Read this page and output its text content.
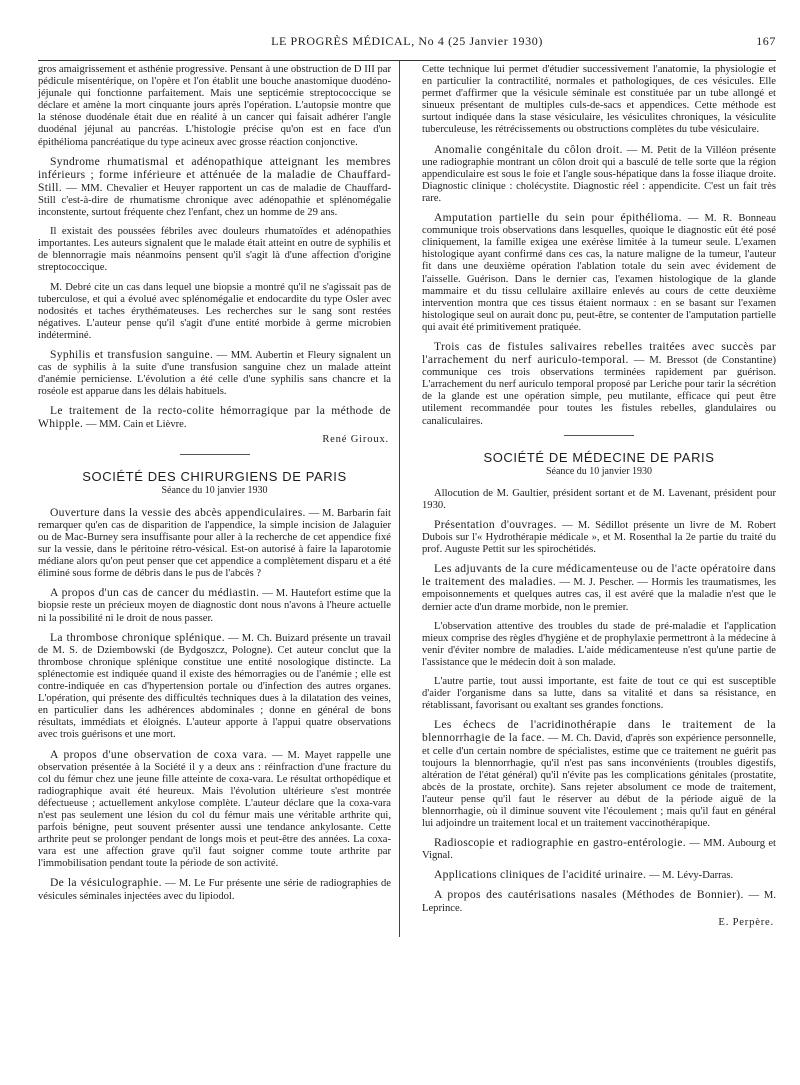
LE PROGRÈS MÉDICAL, No 4 (25 Janvier 1930)	167

gros amaigrissement et asthénie progressive. Pensant à une obstruction de D III par pédicule misentérique, on l'opère et l'on établit une bouche anastomique duodéno-jéjunale qui fonctionne parfaitement. Mais une septicémie streptococcique se déclare et amène la mort cinquante jours après l'opération. L'autopsie montre que la sténose duodénale était due en réalité à un cancer qui faisait adhérer l'angle duodénal jéjunal au pancréas. L'histologie précise qu'on est en face d'un épithélioma pancréatique du type acineux avec grosse réaction conjonctive.

Syndrome rhumatismal et adénopathique atteignant les membres inférieurs ; forme inférieure et atténuée de la maladie de Chauffard-Still. — MM. Chevalier et Heuyer rapportent un cas de maladie de Chauffard-Still c'est-à-dire de rhumatisme chronique avec adénopathie et splénomégalie inconstente, surtout fréquente chez l'enfant, chez un homme de 29 ans.

Il existait des poussées fébriles avec douleurs rhumatoïdes et adénopathies importantes. Les auteurs signalent que le malade était atteint en outre de syphilis et de blennorragie mais néanmoins pensent qu'il s'agit là d'une affection d'origine streptococcique.

M. Debré cite un cas dans lequel une biopsie a montré qu'il ne s'agissait pas de tuberculose, et qui a évolué avec splénomégalie et endocardite du type Osler avec nodosités et taches érythémateuses. Les recherches sur le sang sont restées négatives. L'auteur pense qu'il s'agit d'une entité morbide à germe microbien indéterminé.

Syphilis et transfusion sanguine. — MM. Aubertin et Fleury signalent un cas de syphilis à la suite d'une transfusion sanguine chez un malade atteint d'anémie perniciense. L'évolution a été celle d'une syphilis sans chancre et la roséole est apparue dans les délais habituels.

Le traitement de la recto-colite hémorragique par la méthode de Whipple. — MM. Cain et Lièvre.

René Giroux.

SOCIÉTÉ DES CHIRURGIENS DE PARIS
Séance du 10 janvier 1930

Ouverture dans la vessie des abcès appendiculaires. — M. Barbarin fait remarquer qu'en cas de disparition de l'appendice, la simple incision de Jalaguier ou de Mac-Burney sera insuffisante pour aller à la recherche de cet appendice fixé sur la vessie, dans le péritoine rétro-vésical. Est-on autorisé à faire la laparotomie médiane alors qu'on peut penser que cet appendice a complètement disparu et a été éliminé sous forme de débris dans le pus de l'abcès ?

A propos d'un cas de cancer du médiastin. — M. Hautefort estime que la biopsie reste un précieux moyen de diagnostic dont nous n'avons à l'heure actuelle ni la possibilité ni le droit de nous passer.

La thrombose chronique splénique. — M. Ch. Buizard présente un travail de M. S. de Dziembowski (de Bydgoszcz, Pologne). Cet auteur conclut que la thrombose chronique splénique constitue une entité nosologique distincte. La splénectomie est indiquée quand il existe des hémorragies ou de l'anémie ; elle est contre-indiquée en cas d'hypertension portale ou d'infection des autres organes. L'opération, qui présente des difficultés techniques dues à la dilatation des veines, en particulier dans les adhérences abdominales ; donne en général de bons résultats, immédiats et éloignés. L'auteur apporte à l'appui quatre observations avec trois guérisons et une mort.

A propos d'une observation de coxa vara. — M. Mayet rappelle une observation présentée à la Société il y a deux ans : réinfraction d'une fracture du col du fémur chez une jeune fille atteinte de coxa-vara. Le résultat orthopédique et radiographique avait été heureux. Mais l'évolution ultérieure s'est montrée défectueuse ; actuellement ankylose complète. L'auteur déclare que la coxa-vara n'est pas seulement une lésion du col du fémur mais une véritable arthrite qui, parfois bénigne, peut souvent présenter aussi une tendance ankylosante. Cette arthrite peut se prolonger pendant de longs mois et peut-être des années. La coxa-vara est une affection grave qu'il faut soigner comme toute arthrite par l'immobilisation pendant toute la période de son activité.

De la vésiculographie. — M. Le Fur présente une série de radiographies de vésicules séminales injectées avec du lipiodol.

Cette technique lui permet d'étudier successivement l'anatomie, la physiologie et en particulier la contractilité, normales et pathologiques, de ces vésicules. Elle permet d'affirmer que la vésicule séminale est constituée par un tube allongé et sinueux présentant de multiples culs-de-sacs et appendices. Cette méthode est surtout indiquée dans la stase vésiculaire, les vésiculites chroniques, la vésiculite tuberculeuse, les rétrécissements ou obstructions complètes du tube vésiculaire.

Anomalie congénitale du côlon droit. — M. Petit de la Villéon présente une radiographie montrant un côlon droit qui a basculé de telle sorte que la région appendiculaire est sous le foie et l'angle sous-hépatique dans la fosse iliaque droite. Diagnostic clinique : cholécystite. Diagnostic réel : appendicite. C'est un fait très rare.

Amputation partielle du sein pour épithélioma. — M. R. Bonneau communique trois observations dans lesquelles, quoique le diagnostic eût été posé cliniquement, la famille exigea une exérèse limitée à la tumeur seule. L'examen histologique ayant confirmé dans ces cas, la nature maligne de la tumeur, l'auteur fit dans une deuxième opération l'ablation totale du sein avec évidement de l'aisselle. Guérison. Dans le dernier cas, l'examen histologique de la glande mammaire et du tissu cellulaire axillaire enlevés au cours de cette deuxième intervention montra que ces tissus étaient normaux : en se basant sur l'examen histologique seul on aurait donc pu, peut-être, se contenter de l'amputation partielle qui avait été primitivement pratiquée.

Trois cas de fistules salivaires rebelles traitées avec succès par l'arrachement du nerf auriculo-temporal. — M. Bressot (de Constantine) communique ces trois observations terminées rapidement par guérison. L'arrachement du nerf auriculo temporal proposé par Leriche pour tarir la sécrétion de la glande est une opération simple, peu mutilante, efficace qui peut être utilement recommandée pour toutes les fistules rebelles, glandulaires ou canaliculaires.

SOCIÉTÉ DE MÉDECINE DE PARIS
Séance du 10 janvier 1930

Allocution de M. Gaultier, président sortant et de M. Lavenant, président pour 1930.

Présentation d'ouvrages. — M. Sédillot présente un livre de M. Robert Dubois sur l'« Hydrothérapie médicale », et M. Rosenthal la 2e partie du traité du prof. Auguste Pettit sur les spirochétidés.

Les adjuvants de la cure médicamenteuse ou de l'acte opératoire dans le traitement des maladies. — M. J. Pescher. — Hormis les traumatismes, les empoisonnements et quelques autres cas, il est avéré que la maladie n'est que le dernier acte d'un drame morbide, non le premier.

L'observation attentive des troubles du stade de pré-maladie et l'application mieux comprise des règles d'hygiène et de prophylaxie permettront à la médecine à venir d'éviter nombre de maladies. L'aide médicamenteuse n'est qu'une partie de l'assistance que le médecin doit à son malade.

L'autre partie, tout aussi importante, est faite de tout ce qui est susceptible d'aider l'organisme dans sa lutte, dans sa vitalité et dans sa résistance, en rétablissant, favorisant ou exaltant ses grandes fonctions.

Les échecs de l'acridinothérapie dans le traitement de la blennorrhagie de la face. — M. Ch. David, d'après son expérience personnelle, et celle d'un certain nombre de spécialistes, estime que ce traitement ne guérit pas toujours la blennorrhagie, qu'il n'est pas sans inconvénients (troubles digestifs, altération de l'état général) qu'il n'évite pas les complications génitales (prostatite, abcès de la prostate, orchite). Sans rejeter absolument ce mode de traitement, l'auteur pense qu'il faut le réserver au début de la période aiguë de la blennorrhagie, où il diminue souvent vite l'écoulement ; mais qu'il faut en général lui adjoindre un traitement local et un traitement vaccinothérapique.

Radioscopie et radiographie en gastro-entérologie. — MM. Aubourg et Vignal.

Applications cliniques de l'acidité urinaire. — M. Lévy-Darras.

A propos des cautérisations nasales (Méthodes de Bonnier). — M. Leprince.

E. Perpère.
